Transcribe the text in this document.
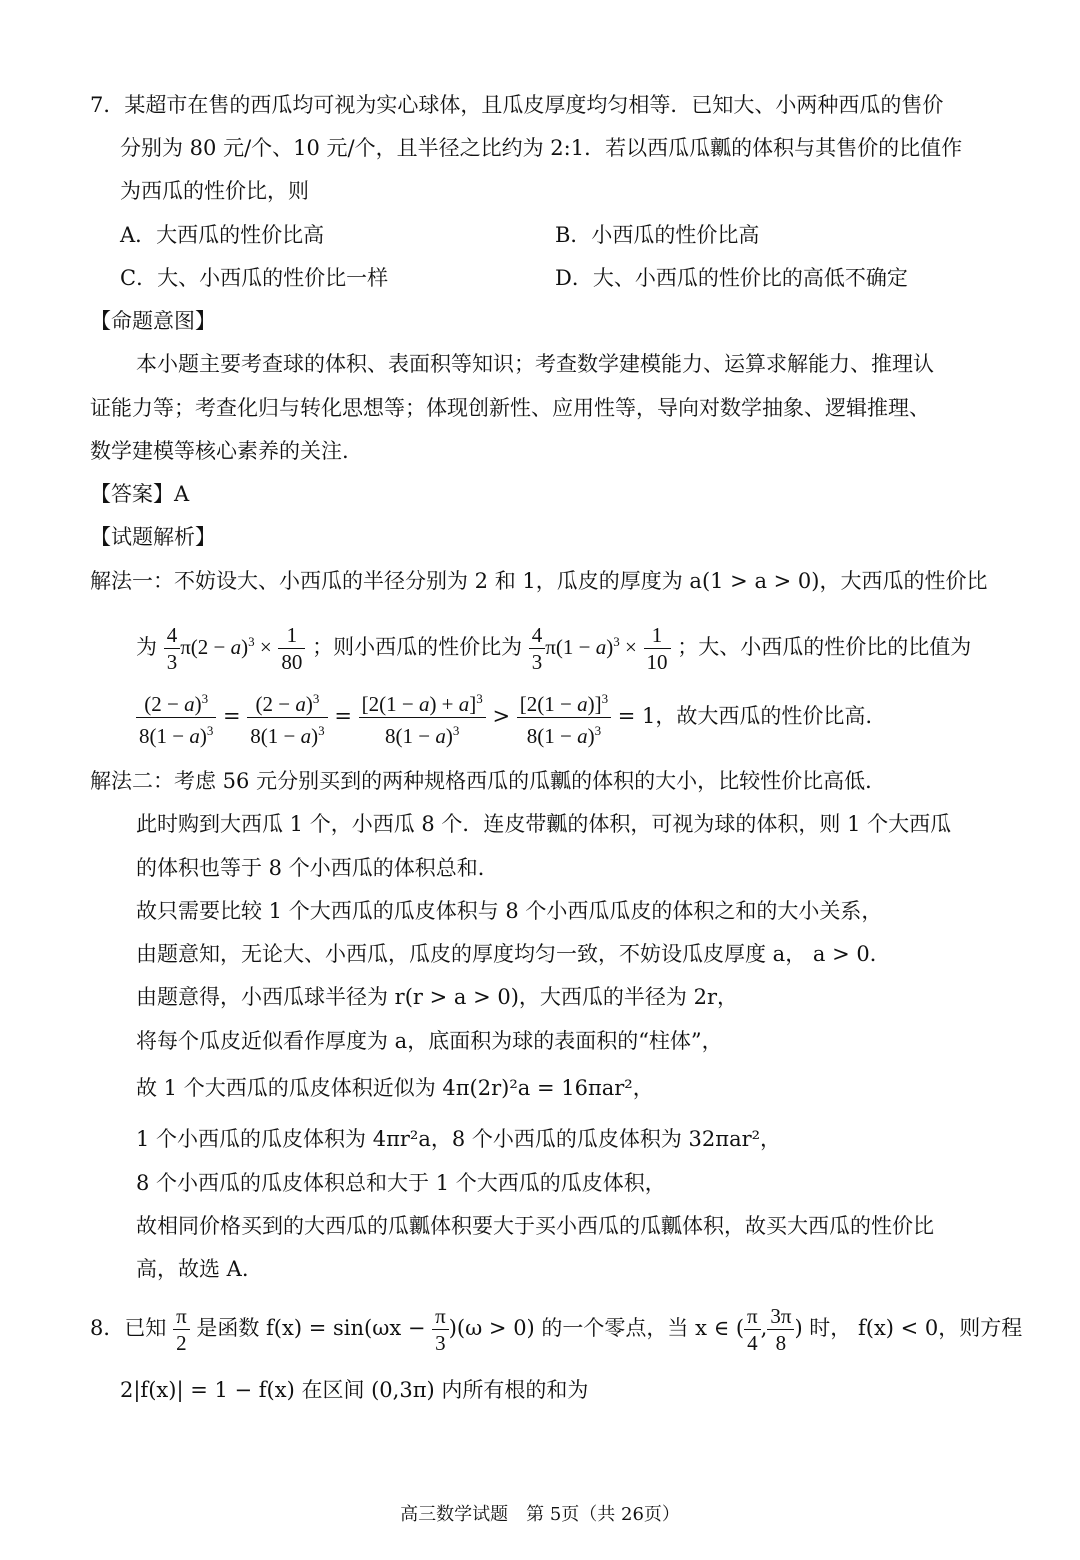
7．某超市在售的西瓜均可视为实心球体，且瓜皮厚度均匀相等．已知大、小两种西瓜的售价
分别为 80 元/个、10 元/个，且半径之比约为 2:1．若以西瓜瓜瓤的体积与其售价的比值作
为西瓜的性价比，则
A．大西瓜的性价比高	B．小西瓜的性价比高
C．大、小西瓜的性价比一样	D．大、小西瓜的性价比的高低不确定
【命题意图】
本小题主要考查球的体积、表面积等知识；考查数学建模能力、运算求解能力、推理认
证能力等；考查化归与转化思想等；体现创新性、应用性等，导向对数学抽象、逻辑推理、
数学建模等核心素养的关注.
【答案】A
【试题解析】
解法一：不妨设大、小西瓜的半径分别为 2 和 1，瓜皮的厚度为 a(1 > a > 0)，大西瓜的性价比
为 $\frac{4}{3} \pi(2 - a)^3 \times \frac{1}{80}$ ；则小西瓜的性价比为 $\frac{4}{3} \pi(1 - a)^3 \times \frac{1}{10}$ ；大、小西瓜的性价比的比值为
$\frac{(2 - a)^3}{8(1 - a)^3} = \frac{(2 - a)^3}{8(1 - a)^3} = \frac{[2(1 - a) + a]^3}{8(1 - a)^3} > \frac{[2(1 - a)]^3}{8(1 - a)^3} = 1$，故大西瓜的性价比高.
解法二：考虑 56 元分别买到的两种规格西瓜的瓜瓤的体积的大小，比较性价比高低．
此时购到大西瓜 1 个，小西瓜 8 个．连皮带瓤的体积，可视为球的体积，则 1 个大西瓜
的体积也等于 8 个小西瓜的体积总和．
故只需要比较 1 个大西瓜的瓜皮体积与 8 个小西瓜瓜皮的体积之和的大小关系，
由题意知，无论大、小西瓜，瓜皮的厚度均匀一致，不妨设瓜皮厚度 a， a > 0．
由题意得，小西瓜球半径为 r(r > a > 0)，大西瓜的半径为 2r，
将每个瓜皮近似看作厚度为 a，底面积为球的表面积的“柱体”，
故 1 个大西瓜的瓜皮体积近似为 4π(2r)²a = 16πar²，
1 个小西瓜的瓜皮体积为 4πr²a，8 个小西瓜的瓜皮体积为 32πar²，
8 个小西瓜的瓜皮体积总和大于 1 个大西瓜的瓜皮体积，
故相同价格买到的大西瓜的瓜瓤体积要大于买小西瓜的瓜瓤体积，故买大西瓜的性价比
高，故选 A.
8．已知 $\frac{\pi}{2}$ 是函数 $f(x) = \sin(\omega x - \frac{\pi}{3} )(\omega > 0)$ 的一个零点，当 x ∈ ( $\frac{\pi}{4}$ , $\frac{3\pi}{8}$ ) 时， f(x) < 0，则方程
2|f(x)| = 1 − f(x) 在区间 (0,3π) 内所有根的和为
高三数学试题　第 5页（共 26页）
